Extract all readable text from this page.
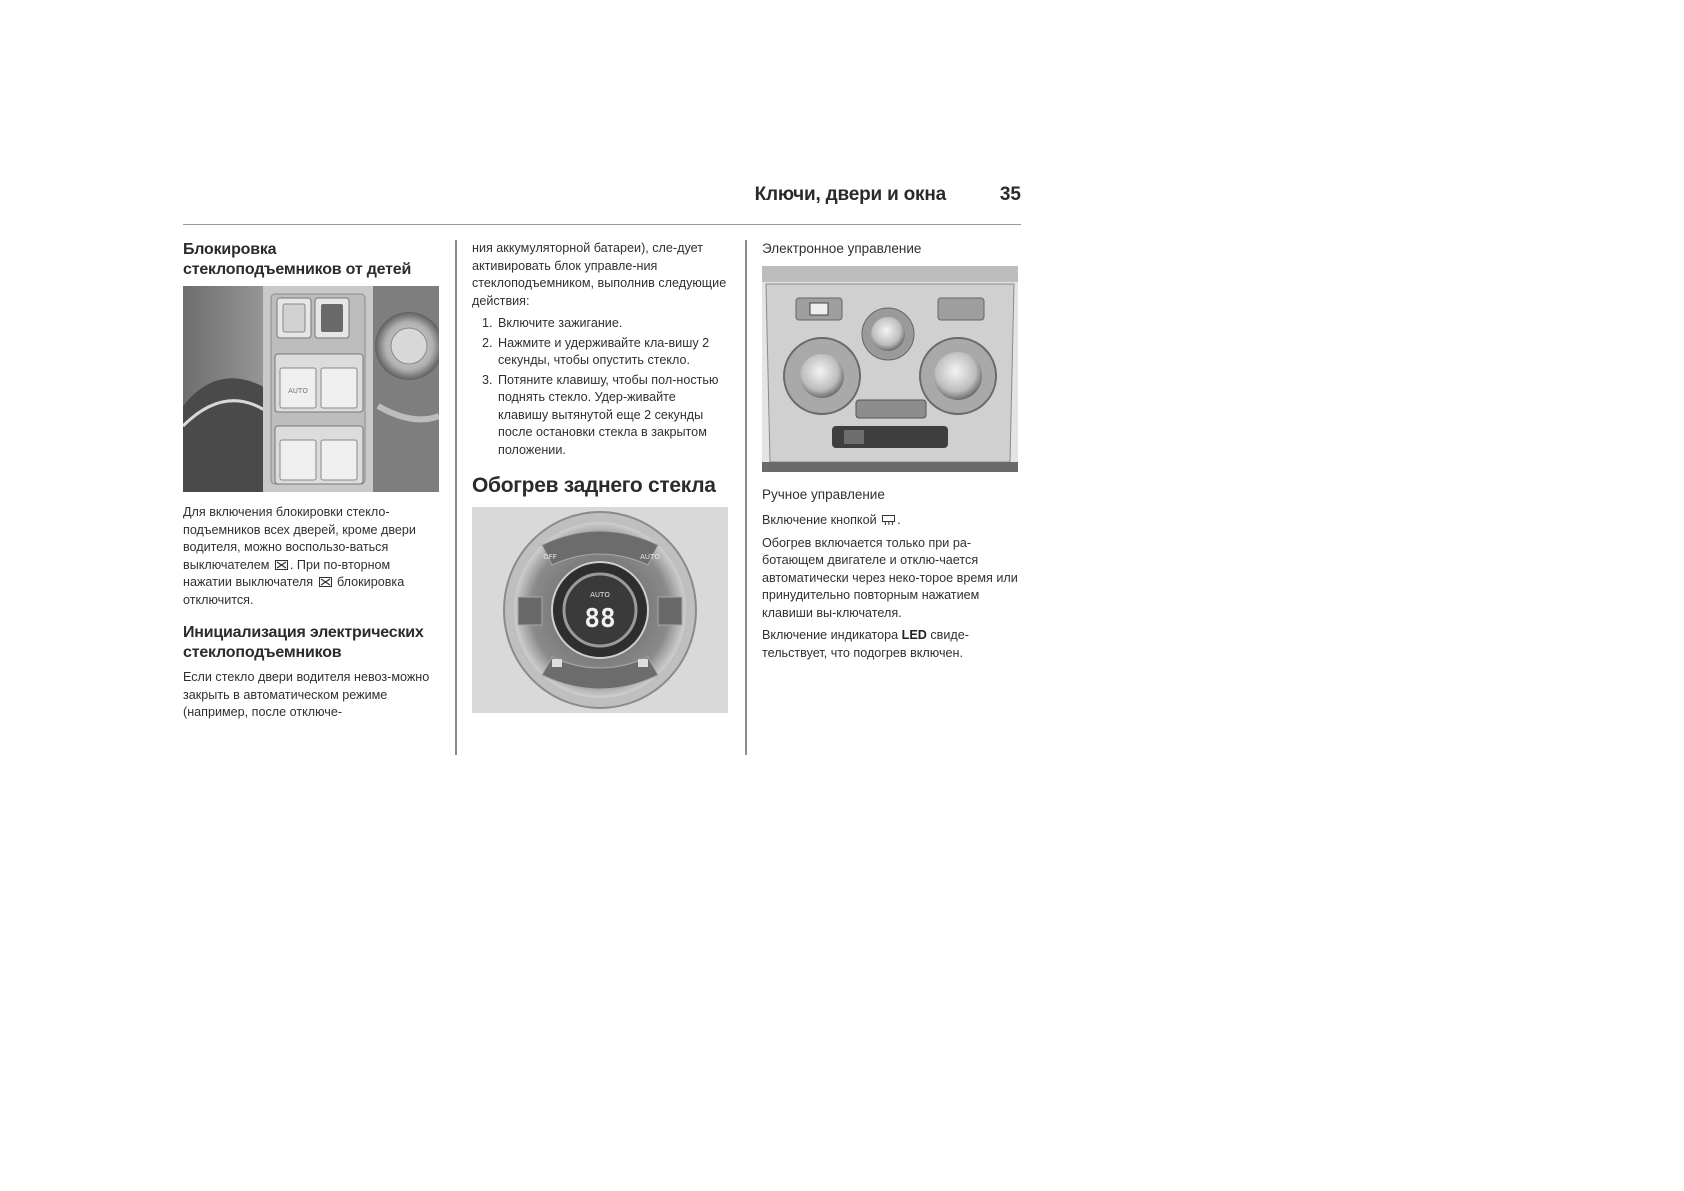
Ключи, двери и окна	35
Блокировка стеклоподъемников от детей
AUTO
Для включения блокировки стекло-подъемников всех дверей, кроме двери водителя, можно воспользо-ваться выключателем . При по-вторном нажатии выключателя блокировка отключится.
Инициализация электрических стеклоподъемников
Если стекло двери водителя невоз-можно закрыть в автоматическом режиме (например, после отключе-
ния аккумуляторной батареи), сле-дует активировать блок управле-ния стеклоподъемником, выполнив следующие действия:
1. Включите зажигание.
2. Нажмите и удерживайте кла-вишу 2 секунды, чтобы опустить стекло.
3. Потяните клавишу, чтобы пол-ностью поднять стекло. Удер-живайте клавишу вытянутой еще 2 секунды после остановки стекла в закрытом положении.
Обогрев заднего стекла
AUTO
88
OFF	AUTO
Электронное управление
Ручное управление
Включение кнопкой .
Обогрев включается только при ра-ботающем двигателе и отклю-чается автоматически через неко-торое время или принудительно повторным нажатием клавиши вы-ключателя.
Включение индикатора LED свиде-тельствует, что подогрев включен.
